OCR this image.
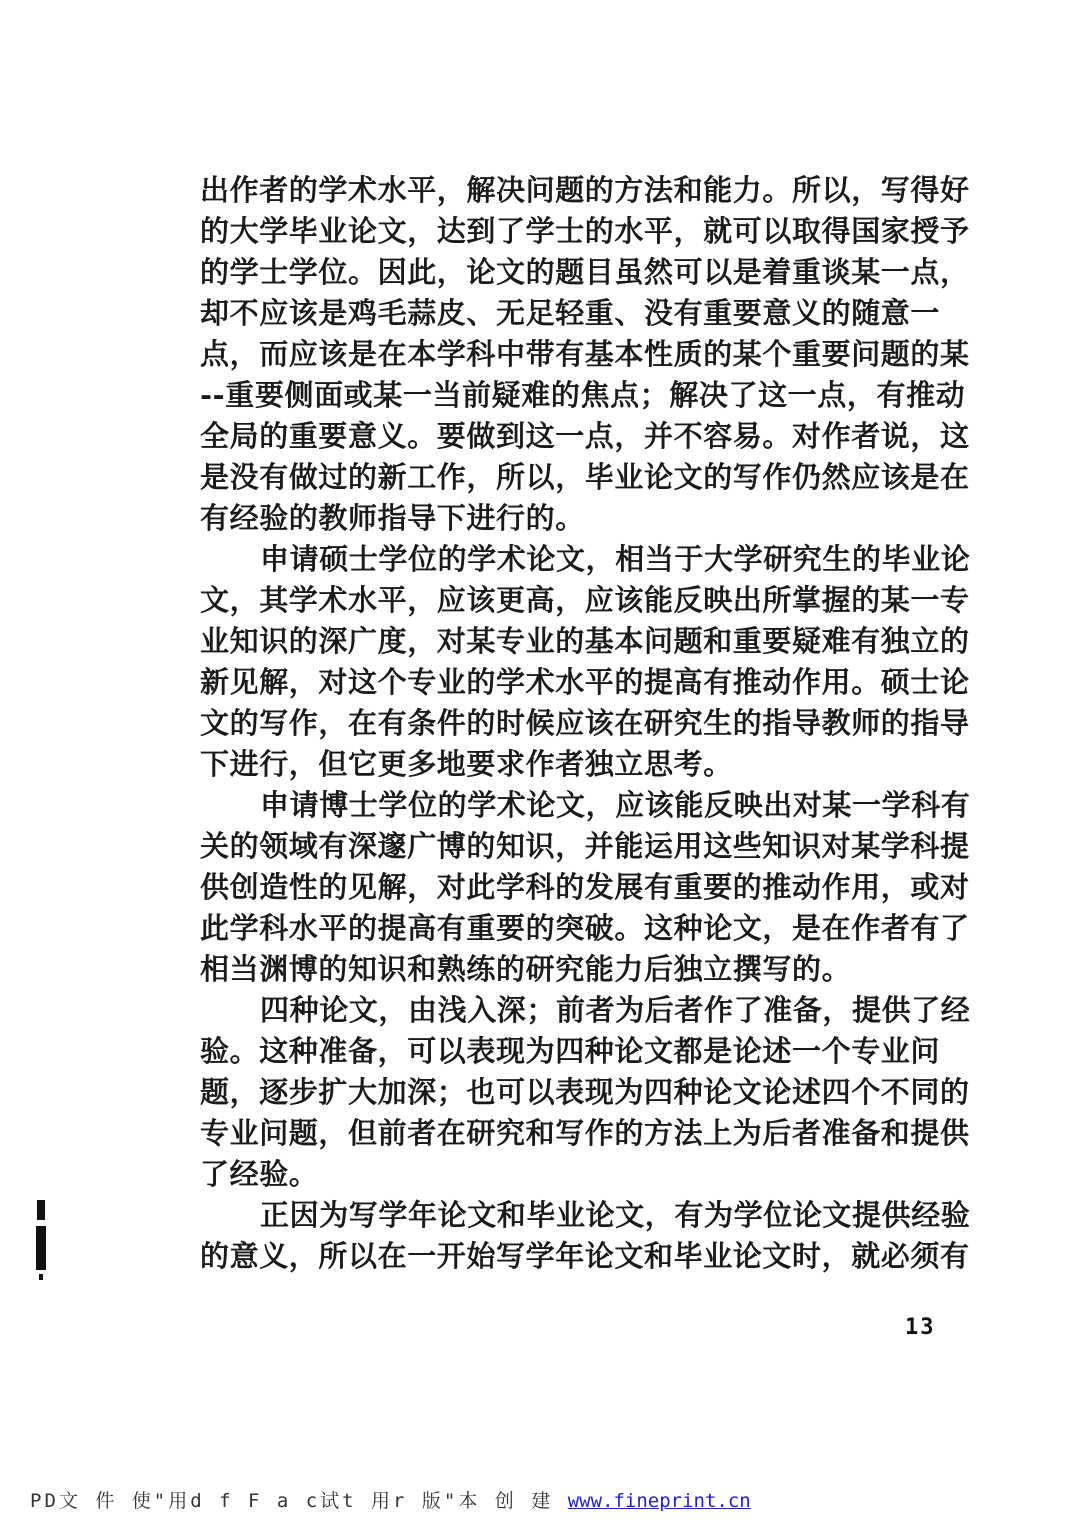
出作者的学术水平，解决问题的方法和能力。所以，写得好
的大学毕业论文，达到了学士的水平，就可以取得国家授予
的学士学位。因此，论文的题目虽然可以是着重谈某一点，
却不应该是鸡毛蒜皮、无足轻重、没有重要意义的随意一
点，而应该是在本学科中带有基本性质的某个重要问题的某
--重要侧面或某一当前疑难的焦点；解决了这一点，有推动
全局的重要意义。要做到这一点，并不容易。对作者说，这
是没有做过的新工作，所以，毕业论文的写作仍然应该是在
有经验的教师指导下进行的。
申请硕士学位的学术论文，相当于大学研究生的毕业论
文，其学术水平，应该更高，应该能反映出所掌握的某一专
业知识的深广度，对某专业的基本问题和重要疑难有独立的
新见解，对这个专业的学术水平的提高有推动作用。硕士论
文的写作，在有条件的时候应该在研究生的指导教师的指导
下进行，但它更多地要求作者独立思考。
申请博士学位的学术论文，应该能反映出对某一学科有
关的领域有深邃广博的知识，并能运用这些知识对某学科提
供创造性的见解，对此学科的发展有重要的推动作用，或对
此学科水平的提高有重要的突破。这种论文，是在作者有了
相当渊博的知识和熟练的研究能力后独立撰写的。
四种论文，由浅入深；前者为后者作了准备，提供了经
验。这种准备，可以表现为四种论文都是论述一个专业问
题，逐步扩大加深；也可以表现为四种论文论述四个不同的
专业问题，但前者在研究和写作的方法上为后者准备和提供
了经验。
正因为写学年论文和毕业论文，有为学位论文提供经验
的意义，所以在一开始写学年论文和毕业论文时，就必须有
13
PD文 件 使"用d f F a c试t 用r 版"本 创 建 www.fineprint.cn
